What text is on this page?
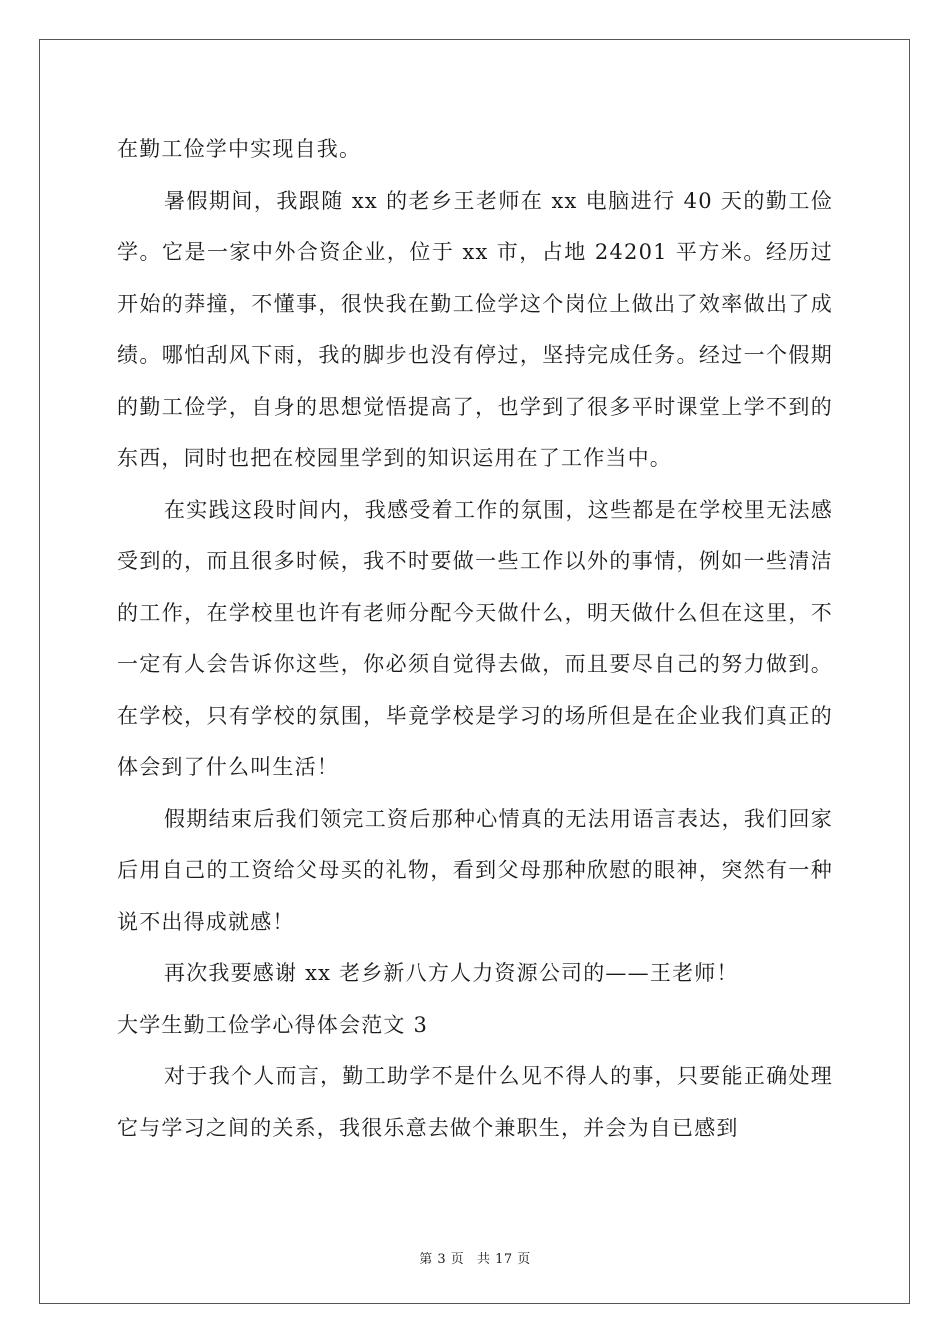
在勤工俭学中实现自我。

暑假期间，我跟随 xx 的老乡王老师在 xx 电脑进行 40 天的勤工俭学。它是一家中外合资企业，位于 xx 市，占地 24201 平方米。经历过开始的莽撞，不懂事，很快我在勤工俭学这个岗位上做出了效率做出了成绩。哪怕刮风下雨，我的脚步也没有停过，坚持完成任务。经过一个假期的勤工俭学，自身的思想觉悟提高了，也学到了很多平时课堂上学不到的东西，同时也把在校园里学到的知识运用在了工作当中。

在实践这段时间内，我感受着工作的氛围，这些都是在学校里无法感受到的，而且很多时候，我不时要做一些工作以外的事情，例如一些清洁的工作，在学校里也许有老师分配今天做什么，明天做什么但在这里，不一定有人会告诉你这些，你必须自觉得去做，而且要尽自己的努力做到。在学校，只有学校的氛围，毕竟学校是学习的场所但是在企业我们真正的体会到了什么叫生活！

假期结束后我们领完工资后那种心情真的无法用语言表达，我们回家后用自己的工资给父母买的礼物，看到父母那种欣慰的眼神，突然有一种说不出得成就感！

再次我要感谢 xx 老乡新八方人力资源公司的——王老师！

大学生勤工俭学心得体会范文 3

对于我个人而言，勤工助学不是什么见不得人的事，只要能正确处理它与学习之间的关系，我很乐意去做个兼职生，并会为自已感到

第 3 页 共 17 页
